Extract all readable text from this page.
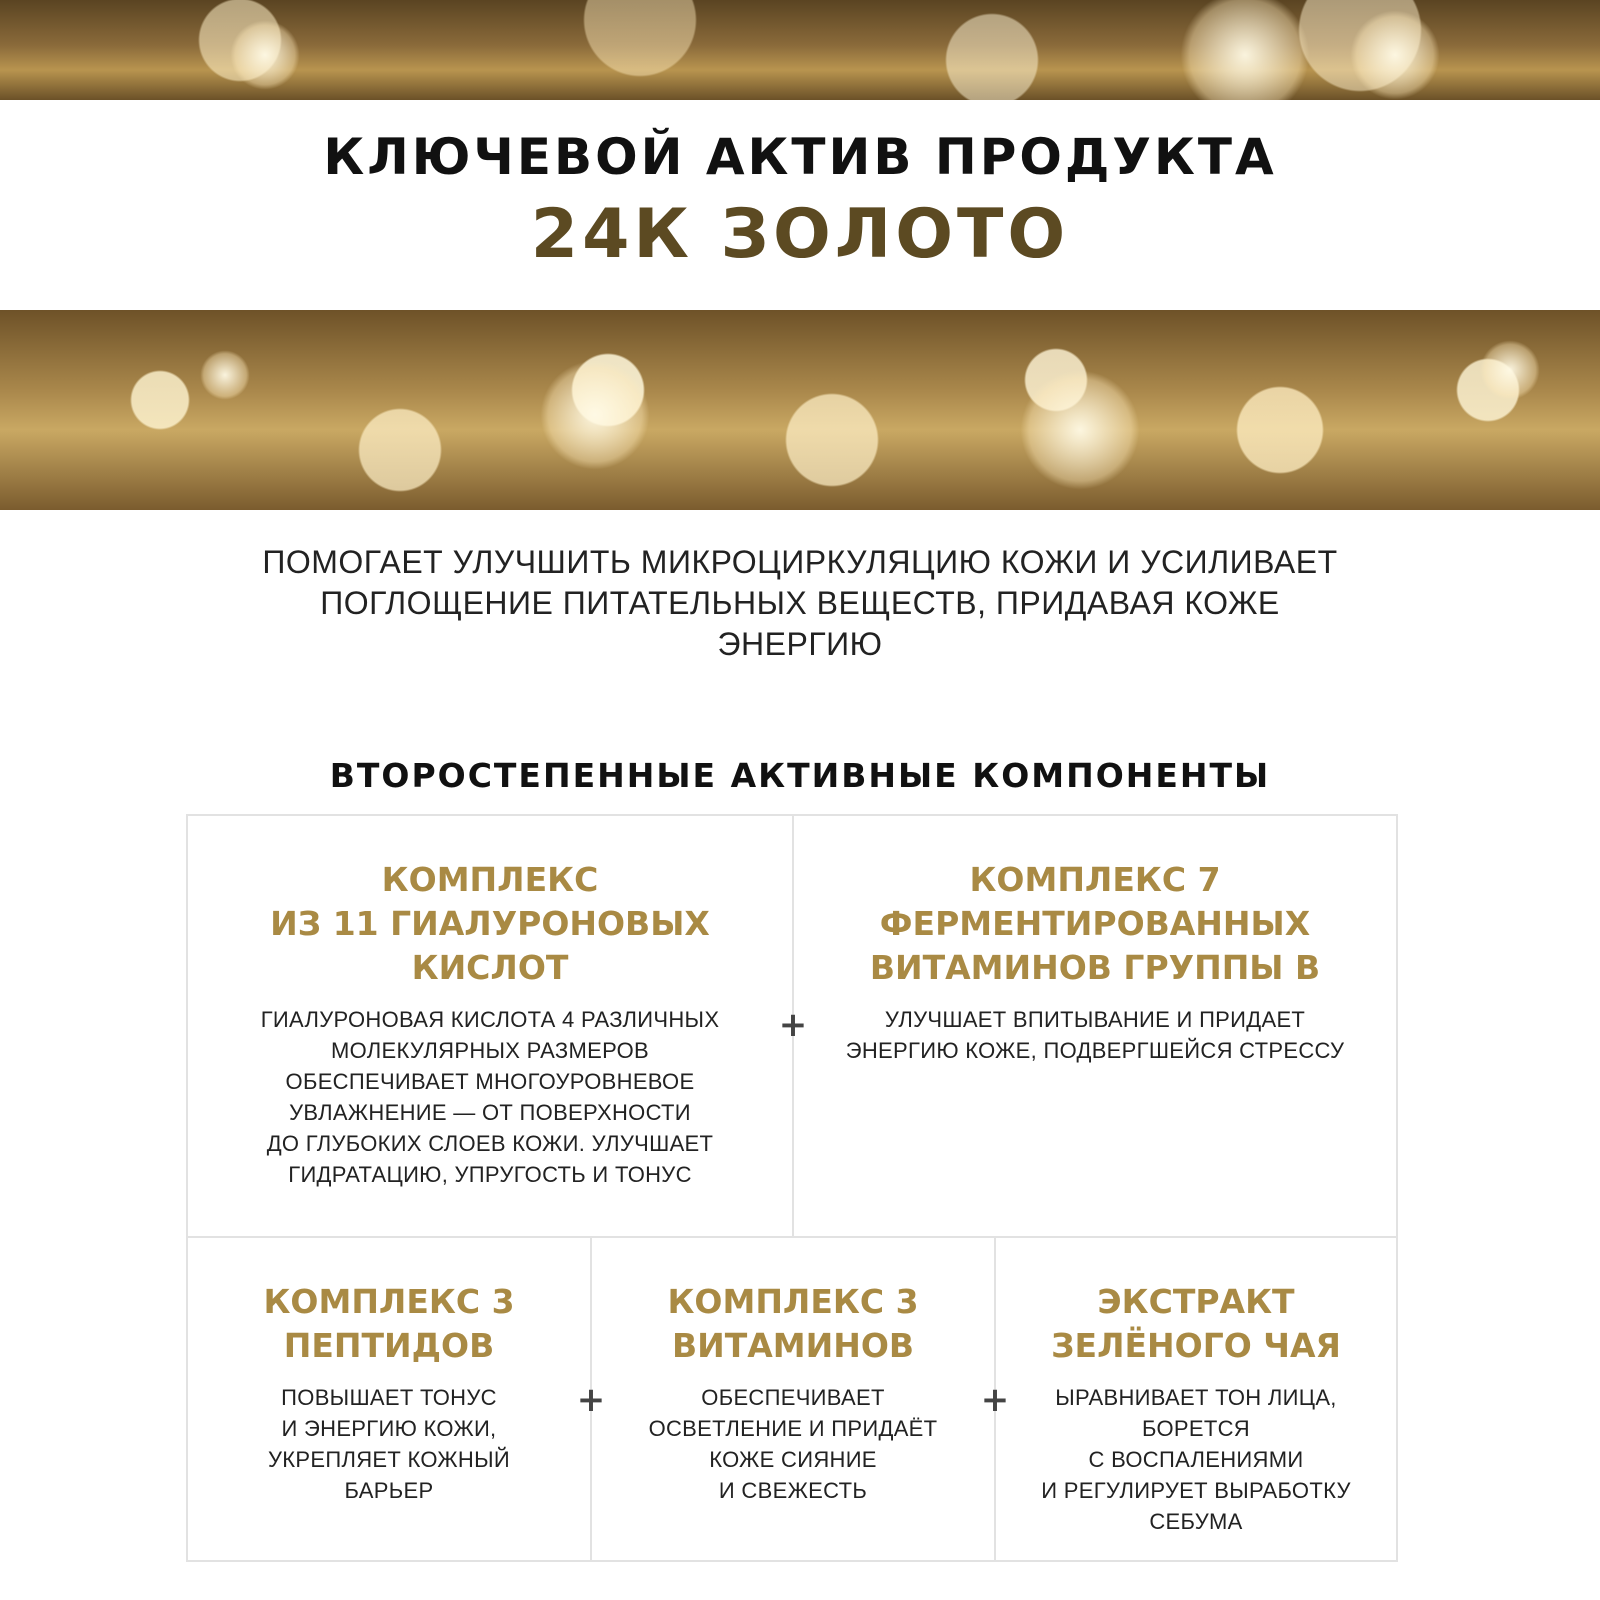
КЛЮЧЕВОЙ АКТИВ ПРОДУКТА
24К ЗОЛОТО
ПОМОГАЕТ УЛУЧШИТЬ МИКРОЦИРКУЛЯЦИЮ КОЖИ И УСИЛИВАЕТ
ПОГЛОЩЕНИЕ ПИТАТЕЛЬНЫХ ВЕЩЕСТВ, ПРИДАВАЯ КОЖЕ
ЭНЕРГИЮ
ВТОРОСТЕПЕННЫЕ АКТИВНЫЕ КОМПОНЕНТЫ
КОМПЛЕКС
ИЗ 11 ГИАЛУРОНОВЫХ
КИСЛОТ
ГИАЛУРОНОВАЯ КИСЛОТА 4 РАЗЛИЧНЫХ
МОЛЕКУЛЯРНЫХ РАЗМЕРОВ
ОБЕСПЕЧИВАЕТ МНОГОУРОВНЕВОЕ
УВЛАЖНЕНИЕ — ОТ ПОВЕРХНОСТИ
ДО ГЛУБОКИХ СЛОЕВ КОЖИ. УЛУЧШАЕТ
ГИДРАТАЦИЮ, УПРУГОСТЬ И ТОНУС
КОМПЛЕКС 7
ФЕРМЕНТИРОВАННЫХ
ВИТАМИНОВ ГРУППЫ В
УЛУЧШАЕТ ВПИТЫВАНИЕ И ПРИДАЕТ
ЭНЕРГИЮ КОЖЕ, ПОДВЕРГШЕЙСЯ СТРЕССУ
КОМПЛЕКС 3
ПЕПТИДОВ
ПОВЫШАЕТ ТОНУС
И ЭНЕРГИЮ КОЖИ,
УКРЕПЛЯЕТ КОЖНЫЙ
БАРЬЕР
КОМПЛЕКС 3
ВИТАМИНОВ
ОБЕСПЕЧИВАЕТ
ОСВЕТЛЕНИЕ И ПРИДАЁТ
КОЖЕ СИЯНИЕ
И СВЕЖЕСТЬ
ЭКСТРАКТ
ЗЕЛЁНОГО ЧАЯ
ЫРАВНИВАЕТ ТОН ЛИЦА,
БОРЕТСЯ
С ВОСПАЛЕНИЯМИ
И РЕГУЛИРУЕТ ВЫРАБОТКУ
СЕБУМА
+
+	+
